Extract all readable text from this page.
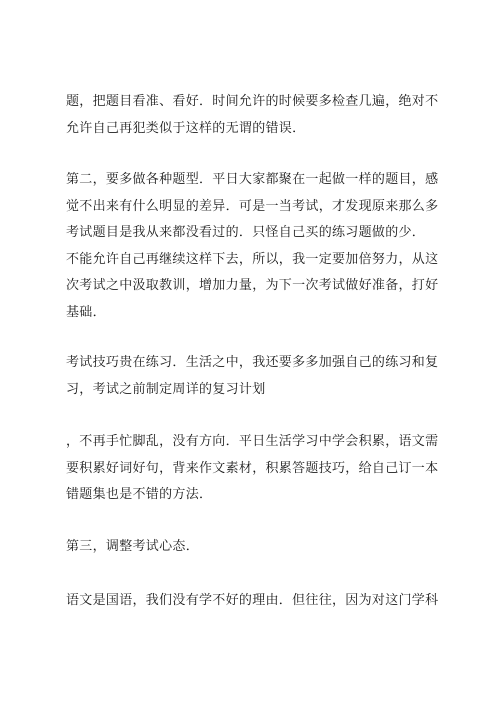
题，把题目看准、看好．时间允许的时候要多检查几遍，绝对不
允许自己再犯类似于这样的无谓的错误．

第二，要多做各种题型．平日大家都聚在一起做一样的题目，感
觉不出来有什么明显的差异．可是一当考试，才发现原来那么多
考试题目是我从来都没看过的．只怪自己买的练习题做的少．
不能允许自己再继续这样下去，所以，我一定要加倍努力，从这
次考试之中汲取教训，增加力量，为下一次考试做好准备，打好
基础．

考试技巧贵在练习．生活之中，我还要多多加强自己的练习和复
习，考试之前制定周详的复习计划

，不再手忙脚乱，没有方向．平日生活学习中学会积累，语文需
要积累好词好句，背来作文素材，积累答题技巧，给自己订一本
错题集也是不错的方法．

第三，调整考试心态．

语文是国语，我们没有学不好的理由．但往往，因为对这门学科
